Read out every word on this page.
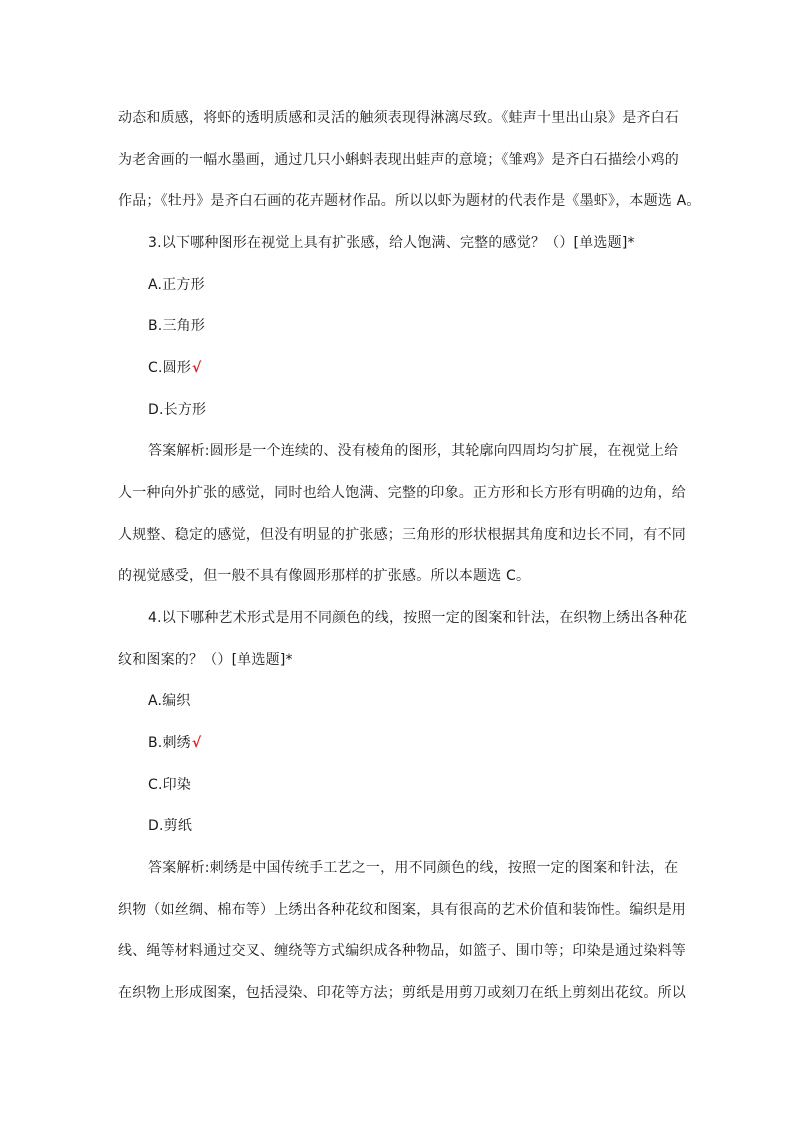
动态和质感，将虾的透明质感和灵活的触须表现得淋漓尽致。《蛙声十里出山泉》是齐白石
为老舍画的一幅水墨画，通过几只小蝌蚪表现出蛙声的意境；《雏鸡》是齐白石描绘小鸡的
作品；《牡丹》是齐白石画的花卉题材作品。所以以虾为题材的代表作是《墨虾》，本题选 A。
3.以下哪种图形在视觉上具有扩张感，给人饱满、完整的感觉？（）[单选题]*
A.正方形
B.三角形
C.圆形√
D.长方形
答案解析:圆形是一个连续的、没有棱角的图形，其轮廓向四周均匀扩展，在视觉上给
人一种向外扩张的感觉，同时也给人饱满、完整的印象。正方形和长方形有明确的边角，给
人规整、稳定的感觉，但没有明显的扩张感；三角形的形状根据其角度和边长不同，有不同
的视觉感受，但一般不具有像圆形那样的扩张感。所以本题选 C。
4.以下哪种艺术形式是用不同颜色的线，按照一定的图案和针法，在织物上绣出各种花
纹和图案的？（）[单选题]*
A.编织
B.刺绣√
C.印染
D.剪纸
答案解析:刺绣是中国传统手工艺之一，用不同颜色的线，按照一定的图案和针法，在
织物（如丝绸、棉布等）上绣出各种花纹和图案，具有很高的艺术价值和装饰性。编织是用
线、绳等材料通过交叉、缠绕等方式编织成各种物品，如篮子、围巾等；印染是通过染料等
在织物上形成图案，包括浸染、印花等方法；剪纸是用剪刀或刻刀在纸上剪刻出花纹。所以
